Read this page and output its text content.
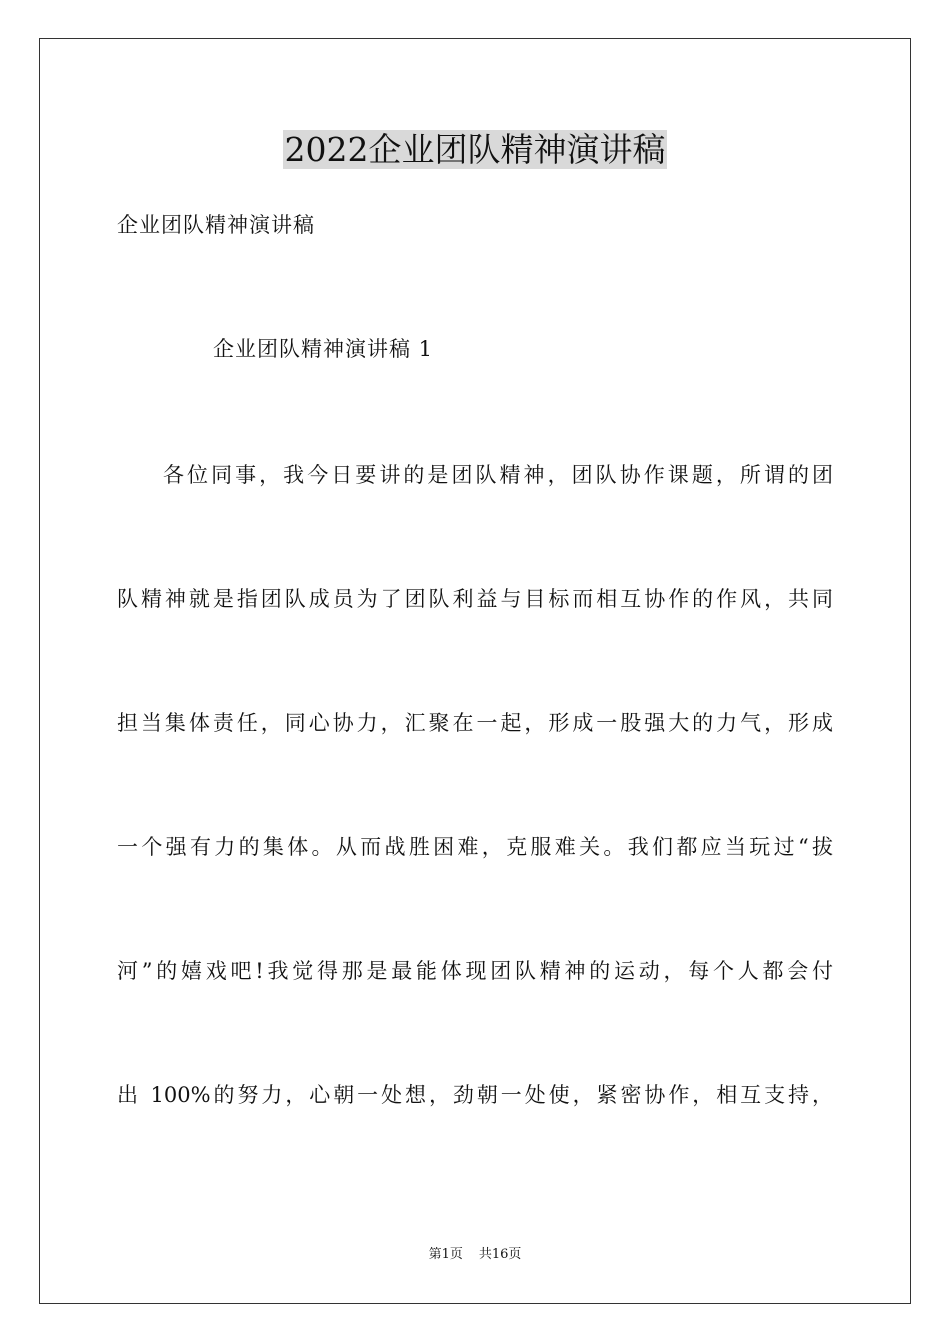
2022企业团队精神演讲稿
企业团队精神演讲稿
企业团队精神演讲稿 1
各位同事，我今日要讲的是团队精神，团队协作课题，所谓的团
队精神就是指团队成员为了团队利益与目标而相互协作的作风，共同
担当集体责任，同心协力，汇聚在一起，形成一股强大的力气，形成
一个强有力的集体。从而战胜困难，克服难关。我们都应当玩过“拔
河”的嬉戏吧!我觉得那是最能体现团队精神的运动，每个人都会付
出 100%的努力，心朝一处想，劲朝一处使，紧密协作，相互支持，
第1页 共16页
